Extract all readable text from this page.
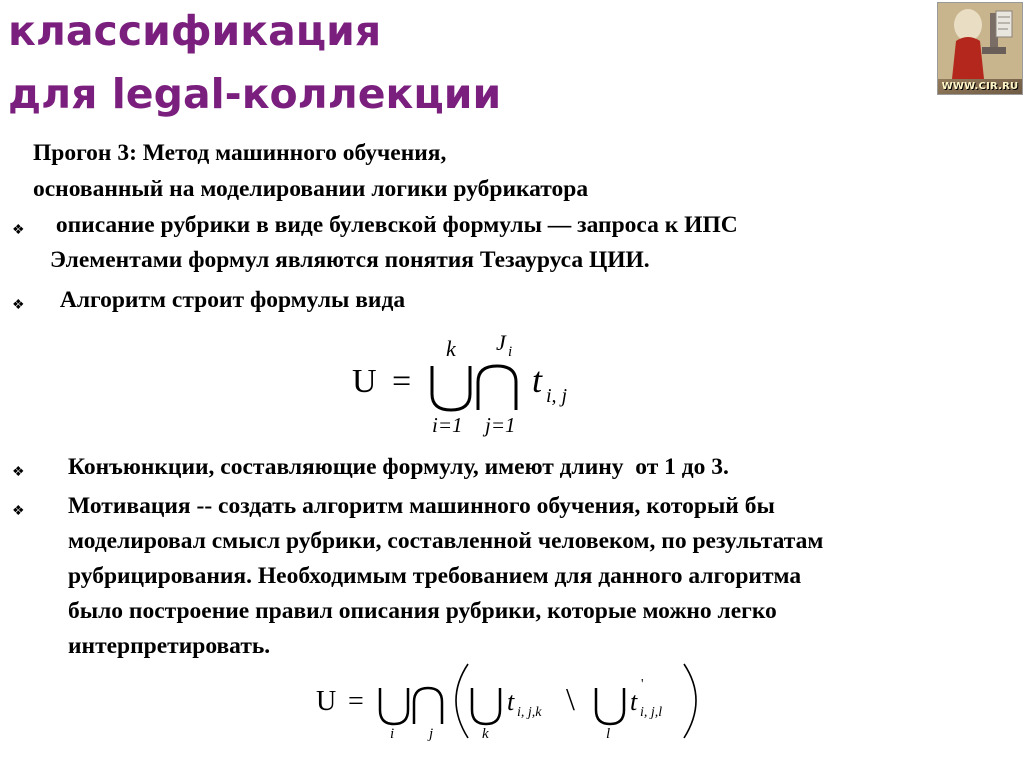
классификация
для legal-коллекции	WWW.CIR.RU

Прогон 3: Метод машинного обучения,
основанный на моделировании логики рубрикатора

❖ описание рубрики в виде булевской формулы — запроса к ИПС
Элементами формул являются понятия Тезауруса ЦИИ.

❖ Алгоритм строит формулы вида

U =
k
i=1
J i
j=1
t i, j
❖ Конъюнкции, составляющие формулу, имеют длину  от 1 до 3.

❖ Мотивация -- создать алгоритм машинного обучения, который бы
моделировал смысл рубрики, составленной человеком, по результатам
рубрицирования. Необходимым требованием для данного алгоритма
было построение правил описания рубрики, которые можно легко
интерпретировать.

U =
i j	k
t i, j,k \
l
t
'
i, j,l
